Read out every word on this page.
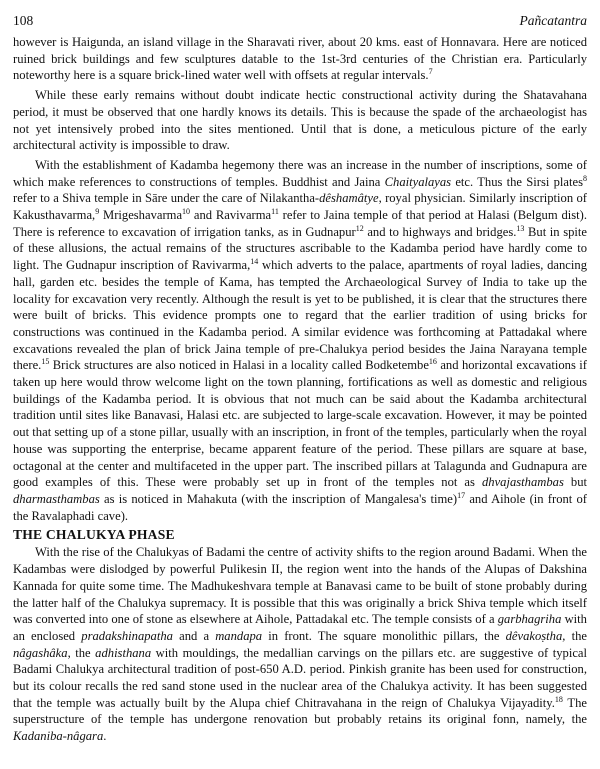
108	Pañcatantra

however is Haigunda, an island village in the Sharavati river, about 20 kms. east of Honnavara. Here are noticed ruined brick buildings and few sculptures datable to the 1st-3rd centuries of the Christian era. Particularly noteworthy here is a square brick-lined water well with offsets at regular intervals.$^7$

While these early remains without doubt indicate hectic constructional activity during the Shatavahana period, it must be observed that one hardly knows its details. This is because the spade of the archaeologist has not yet intensively probed into the sites mentioned. Until that is done, a meticulous picture of the early architectural activity is impossible to draw.

With the establishment of Kadamba hegemony there was an increase in the number of inscriptions, some of which make references to constructions of temples. Buddhist and Jaina Chaityalayas etc. Thus the Sirsi plates$^8$ refer to a Shiva temple in Sāre under the care of Nilakantha-dêshamâtye, royal physician. Similarly inscription of Kakusthavarma,$^9$ Mrigeshavarma$^{10}$ and Ravivarma$^{11}$ refer to Jaina temple of that period at Halasi (Belgum dist). There is reference to excavation of irrigation tanks, as in Gudnapur$^{12}$ and to highways and bridges.$^{13}$ But in spite of these allusions, the actual remains of the structures ascribable to the Kadamba period have hardly come to light. The Gudnapur inscription of Ravivarma,$^{14}$ which adverts to the palace, apartments of royal ladies, dancing hall, garden etc. besides the temple of Kama, has tempted the Archaeological Survey of India to take up the locality for excavation very recently. Although the result is yet to be published, it is clear that the structures there were built of bricks. This evidence prompts one to regard that the earlier tradition of using bricks for constructions was continued in the Kadamba period. A similar evidence was forthcoming at Pattadakal where excavations revealed the plan of brick Jaina temple of pre-Chalukya period besides the Jaina Narayana temple there.$^{15}$ Brick structures are also noticed in Halasi in a locality called Bodketembe$^{16}$ and horizontal excavations if taken up here would throw welcome light on the town planning, fortifications as well as domestic and religious buildings of the Kadamba period. It is obvious that not much can be said about the Kadamba architectural tradition until sites like Banavasi, Halasi etc. are subjected to large-scale excavation. However, it may be pointed out that setting up of a stone pillar, usually with an inscription, in front of the temples, particularly when the royal house was supporting the enterprise, became apparent feature of the period. These pillars are square at base, octagonal at the center and multifaceted in the upper part. The inscribed pillars at Talagunda and Gudnapura are good examples of this. These were probably set up in front of the temples not as dhvajasthambas but dharmasthambas as is noticed in Mahakuta (with the inscription of Mangalesa's time)$^{17}$ and Aihole (in front of the Ravalaphadi cave).

THE CHALUKYA PHASE

With the rise of the Chalukyas of Badami the centre of activity shifts to the region around Badami. When the Kadambas were dislodged by powerful Pulikesin II, the region went into the hands of the Alupas of Dakshina Kannada for quite some time. The Madhukeshvara temple at Banavasi came to be built of stone probably during the latter half of the Chalukya supremacy. It is possible that this was originally a brick Shiva temple which itself was converted into one of stone as elsewhere at Aihole, Pattadakal etc. The temple consists of a garbhagriha with an enclosed pradakshinapatha and a mandapa in front. The square monolithic pillars, the dêvakoṣtha, the nâgashâka, the adhisthana with mouldings, the medallian carvings on the pillars etc. are suggestive of typical Badami Chalukya architectural tradition of post-650 A.D. period. Pinkish granite has been used for construction, but its colour recalls the red sand stone used in the nuclear area of the Chalukya activity. It has been suggested that the temple was actually built by the Alupa chief Chitravahana in the reign of Chalukya Vijayadity.$^{18}$ The superstructure of the temple has undergone renovation but probably retains its original fonn, namely, the Kadaniba-nâgara.
